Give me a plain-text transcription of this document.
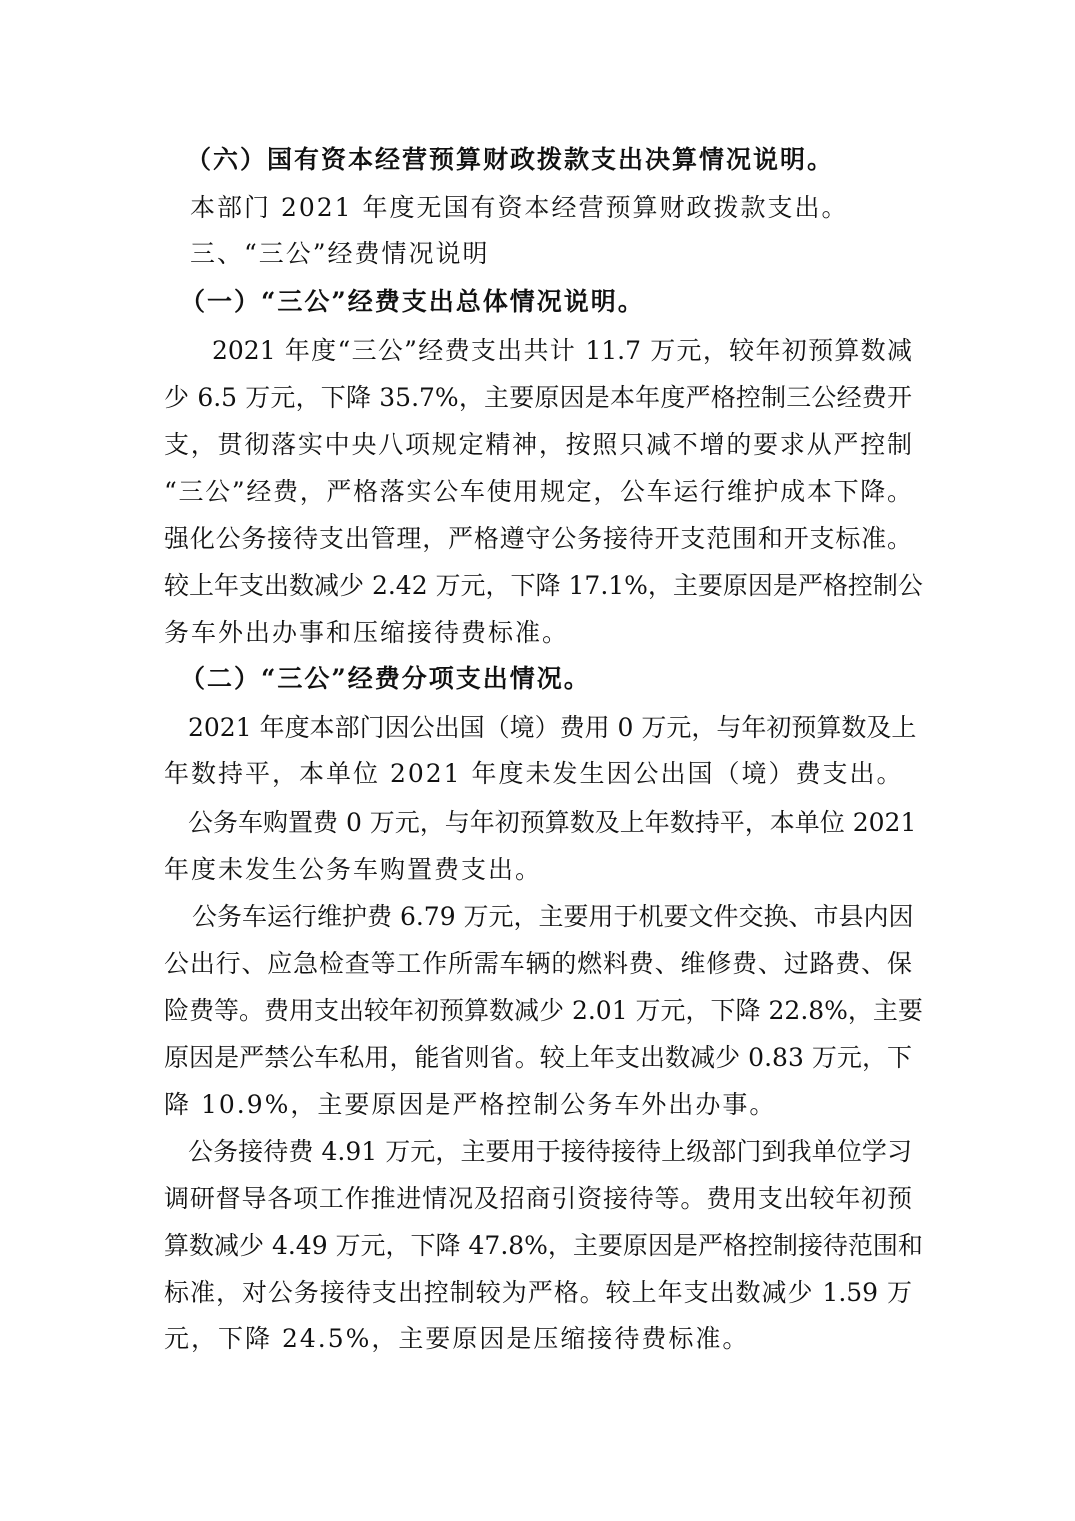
（六）国有资本经营预算财政拨款支出决算情况说明。
本部门 2021 年度无国有资本经营预算财政拨款支出。
三、“三公”经费情况说明
（一）“三公”经费支出总体情况说明。
2021 年度“三公”经费支出共计 11.7 万元，较年初预算数减
少 6.5 万元，下降 35.7%，主要原因是本年度严格控制三公经费开
支，贯彻落实中央八项规定精神，按照只减不增的要求从严控制
“三公”经费，严格落实公车使用规定，公车运行维护成本下降。
强化公务接待支出管理，严格遵守公务接待开支范围和开支标准。
较上年支出数减少 2.42 万元，下降 17.1%，主要原因是严格控制公
务车外出办事和压缩接待费标准。
（二）“三公”经费分项支出情况。
2021 年度本部门因公出国（境）费用 0 万元，与年初预算数及上
年数持平，本单位 2021 年度未发生因公出国（境）费支出。
公务车购置费 0 万元，与年初预算数及上年数持平，本单位 2021
年度未发生公务车购置费支出。
公务车运行维护费 6.79 万元，主要用于机要文件交换、市县内因
公出行、应急检查等工作所需车辆的燃料费、维修费、过路费、保
险费等。费用支出较年初预算数减少 2.01 万元，下降 22.8%，主要
原因是严禁公车私用，能省则省。较上年支出数减少 0.83 万元，下
降 10.9%，主要原因是严格控制公务车外出办事。
公务接待费 4.91 万元，主要用于接待接待上级部门到我单位学习
调研督导各项工作推进情况及招商引资接待等。费用支出较年初预
算数减少 4.49 万元，下降 47.8%，主要原因是严格控制接待范围和
标准，对公务接待支出控制较为严格。较上年支出数减少 1.59 万
元，下降 24.5%，主要原因是压缩接待费标准。
